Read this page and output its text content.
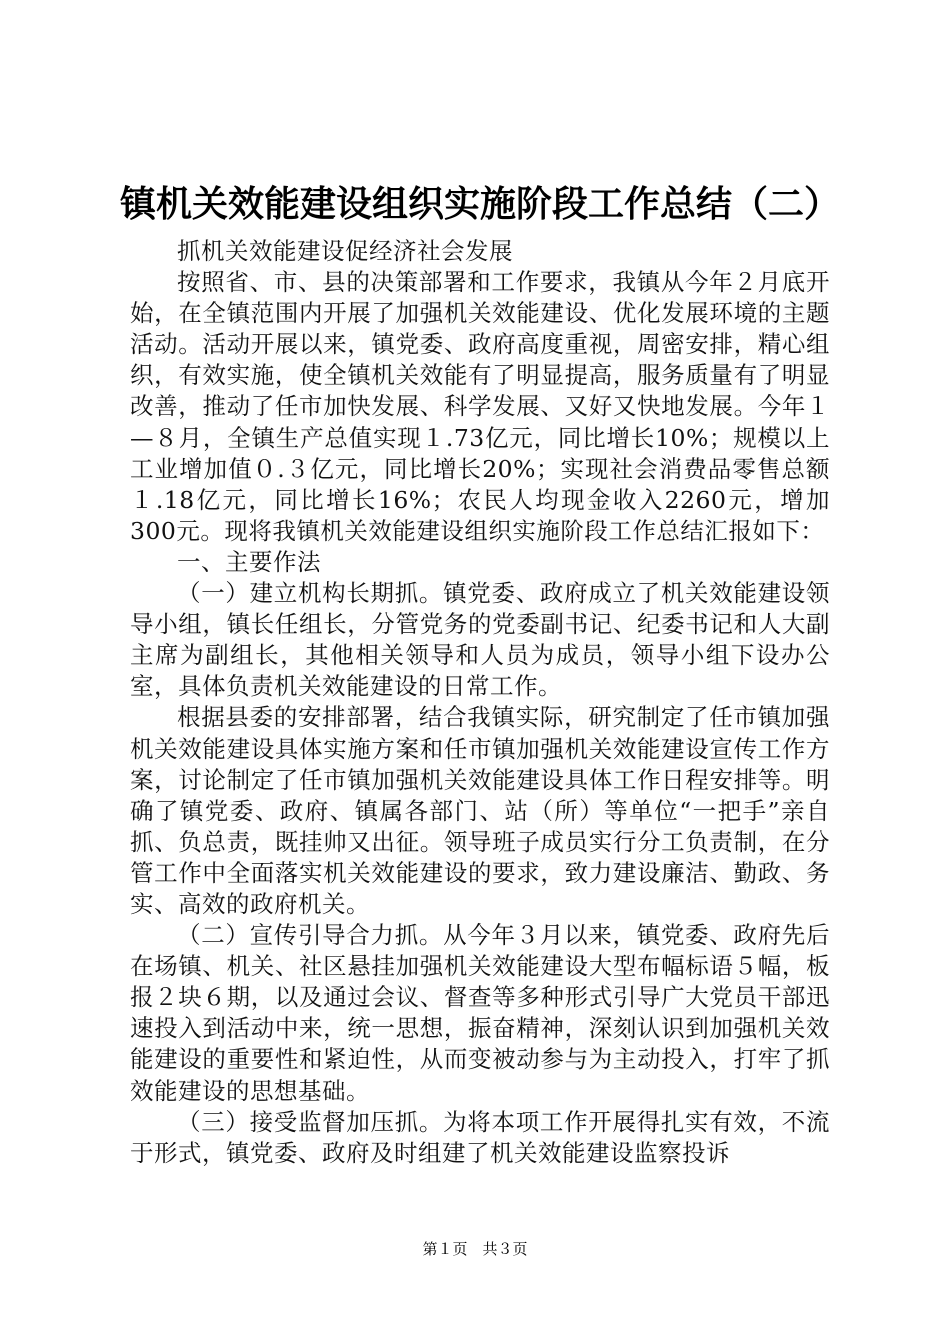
镇机关效能建设组织实施阶段工作总结（二）

抓机关效能建设促经济社会发展

按照省、市、县的决策部署和工作要求，我镇从今年２月底开始，在全镇范围内开展了加强机关效能建设、优化发展环境的主题活动。活动开展以来，镇党委、政府高度重视，周密安排，精心组织，有效实施，使全镇机关效能有了明显提高，服务质量有了明显改善，推动了任市加快发展、科学发展、又好又快地发展。今年１—８月，全镇生产总值实现１.73亿元，同比增长10%；规模以上工业增加值０.３亿元，同比增长20%；实现社会消费品零售总额１.18亿元，同比增长16%；农民人均现金收入2260元，增加300元。现将我镇机关效能建设组织实施阶段工作总结汇报如下：

一、主要作法

（一）建立机构长期抓。镇党委、政府成立了机关效能建设领导小组，镇长任组长，分管党务的党委副书记、纪委书记和人大副主席为副组长，其他相关领导和人员为成员，领导小组下设办公室，具体负责机关效能建设的日常工作。

根据县委的安排部署，结合我镇实际，研究制定了任市镇加强机关效能建设具体实施方案和任市镇加强机关效能建设宣传工作方案，讨论制定了任市镇加强机关效能建设具体工作日程安排等。明确了镇党委、政府、镇属各部门、站（所）等单位“一把手”亲自抓、负总责，既挂帅又出征。领导班子成员实行分工负责制，在分管工作中全面落实机关效能建设的要求，致力建设廉洁、勤政、务实、高效的政府机关。

（二）宣传引导合力抓。从今年３月以来，镇党委、政府先后在场镇、机关、社区悬挂加强机关效能建设大型布幅标语５幅，板报２块６期，以及通过会议、督查等多种形式引导广大党员干部迅速投入到活动中来，统一思想，振奋精神，深刻认识到加强机关效能建设的重要性和紧迫性，从而变被动参与为主动投入，打牢了抓效能建设的思想基础。

（三）接受监督加压抓。为将本项工作开展得扎实有效，不流于形式，镇党委、政府及时组建了机关效能建设监察投诉

第１页　共３页
